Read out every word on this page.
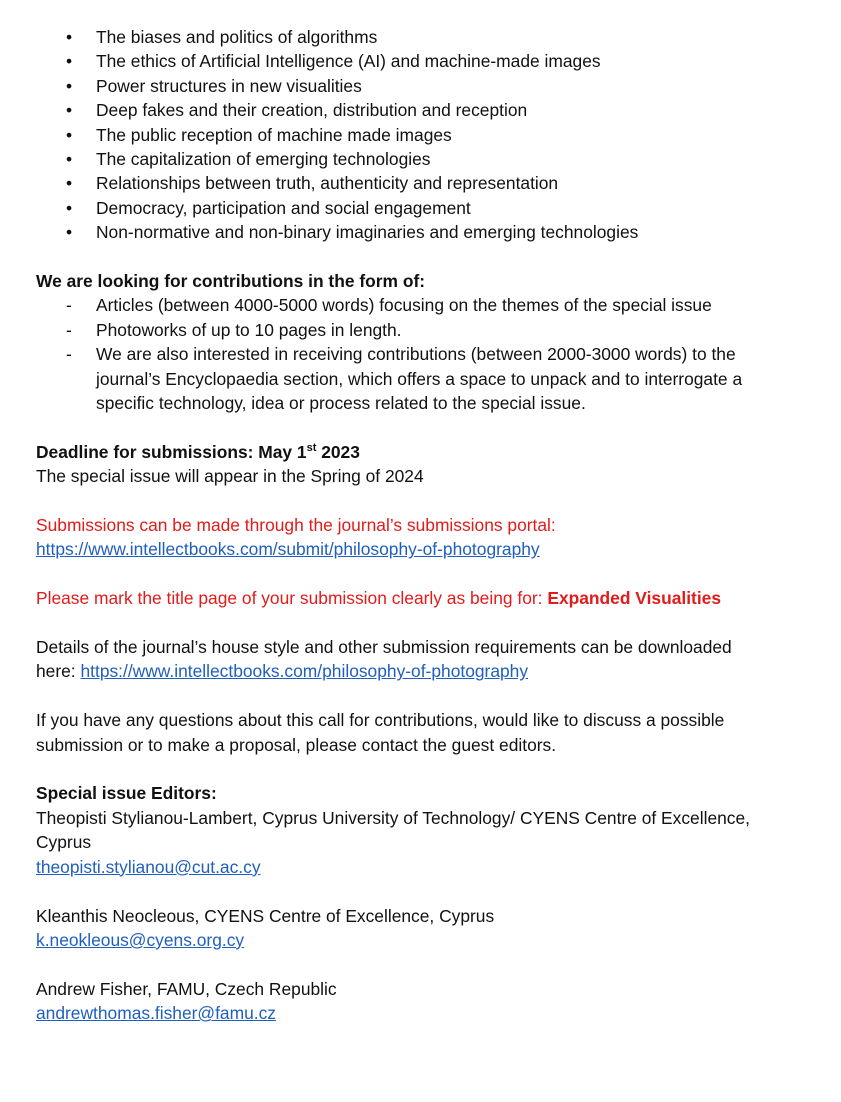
• The biases and politics of algorithms
• The ethics of Artificial Intelligence (AI) and machine-made images
• Power structures in new visualities
• Deep fakes and their creation, distribution and reception
• The public reception of machine made images
• The capitalization of emerging technologies
• Relationships between truth, authenticity and representation
• Democracy, participation and social engagement
• Non-normative and non-binary imaginaries and emerging technologies

We are looking for contributions in the form of:

- Articles (between 4000-5000 words) focusing on the themes of the special issue
- Photoworks of up to 10 pages in length.
- We are also interested in receiving contributions (between 2000-3000 words) to the journal’s Encyclopaedia section, which offers a space to unpack and to interrogate a specific technology, idea or process related to the special issue.

Deadline for submissions: May 1st 2023

The special issue will appear in the Spring of 2024

Submissions can be made through the journal’s submissions portal:

https://www.intellectbooks.com/submit/philosophy-of-photography

Please mark the title page of your submission clearly as being for: Expanded Visualities

Details of the journal’s house style and other submission requirements can be downloaded

here: https://www.intellectbooks.com/philosophy-of-photography

If you have any questions about this call for contributions, would like to discuss a possible

submission or to make a proposal, please contact the guest editors.

Special issue Editors:

Theopisti Stylianou-Lambert, Cyprus University of Technology/ CYENS Centre of Excellence,

Cyprus

theopisti.stylianou@cut.ac.cy

Kleanthis Neocleous, CYENS Centre of Excellence, Cyprus

k.neokleous@cyens.org.cy

Andrew Fisher, FAMU, Czech Republic

andrewthomas.fisher@famu.cz
